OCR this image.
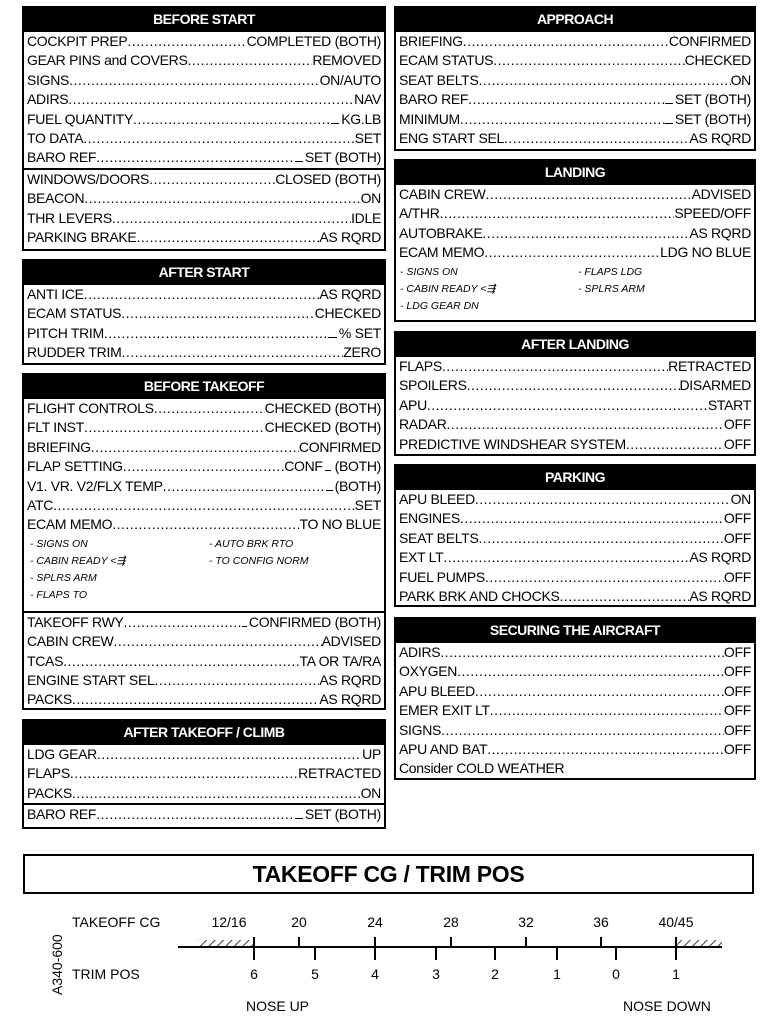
BEFORE START
COCKPIT PREP .....	COMPLETED (BOTH)
GEAR PINS and COVERS .....	REMOVED
SIGNS .....	ON/AUTO
ADIRS .....	NAV
FUEL QUANTITY .....	KG.LB
TO DATA .....	SET
BARO REF .....	SET (BOTH)
WINDOWS/DOORS .....	CLOSED (BOTH)
BEACON .....	ON
THR LEVERS .....	IDLE
PARKING BRAKE .....	AS RQRD
AFTER START
ANTI ICE .....	AS RQRD
ECAM STATUS .....	CHECKED
PITCH TRIM .....	% SET
RUDDER TRIM .....	ZERO
BEFORE TAKEOFF
FLIGHT CONTROLS .....	CHECKED (BOTH)
FLT INST .....	CHECKED (BOTH)
BRIEFING .....	CONFIRMED
FLAP SETTING .....	CONF (BOTH)
V1. VR. V2/FLX TEMP .....	(BOTH)
ATC .....	SET
ECAM MEMO .....	TO NO BLUE
- SIGNS ON
- CABIN READY <⇶
- SPLRS ARM
- FLAPS TO
- AUTO BRK RTO
- TO CONFIG NORM
TAKEOFF RWY .....	CONFIRMED (BOTH)
CABIN CREW .....	ADVISED
TCAS .....	TA OR TA/RA
ENGINE START SEL .....	AS RQRD
PACKS .....	AS RQRD
AFTER TAKEOFF / CLIMB
LDG GEAR .....	UP
FLAPS .....	RETRACTED
PACKS .....	ON
BARO REF .....	SET (BOTH)
APPROACH
BRIEFING .....	CONFIRMED
ECAM STATUS .....	CHECKED
SEAT BELTS .....	ON
BARO REF .....	SET (BOTH)
MINIMUM .....	SET (BOTH)
ENG START SEL .....	AS RQRD
LANDING
CABIN CREW .....	ADVISED
A/THR .....	SPEED/OFF
AUTOBRAKE .....	AS RQRD
ECAM MEMO .....	LDG NO BLUE
- SIGNS ON
- CABIN READY <⇶
- LDG GEAR DN
- FLAPS LDG
- SPLRS ARM
AFTER LANDING
FLAPS .....	RETRACTED
SPOILERS .....	DISARMED
APU .....	START
RADAR .....	OFF
PREDICTIVE WINDSHEAR SYSTEM .....	OFF
PARKING
APU BLEED .....	ON
ENGINES .....	OFF
SEAT BELTS .....	OFF
EXT LT .....	AS RQRD
FUEL PUMPS .....	OFF
PARK BRK AND CHOCKS .....	AS RQRD
SECURING THE AIRCRAFT
ADIRS .....	OFF
OXYGEN .....	OFF
APU BLEED .....	OFF
EMER EXIT LT .....	OFF
SIGNS .....	OFF
APU AND BAT .....	OFF
Consider COLD WEATHER
TAKEOFF CG / TRIM POS
A340-600
TAKEOFF CG
TRIM POS
12/16	20	24	28	32	36	40/45
6	5	4	3	2	1	0	1
NOSE UP	NOSE DOWN
